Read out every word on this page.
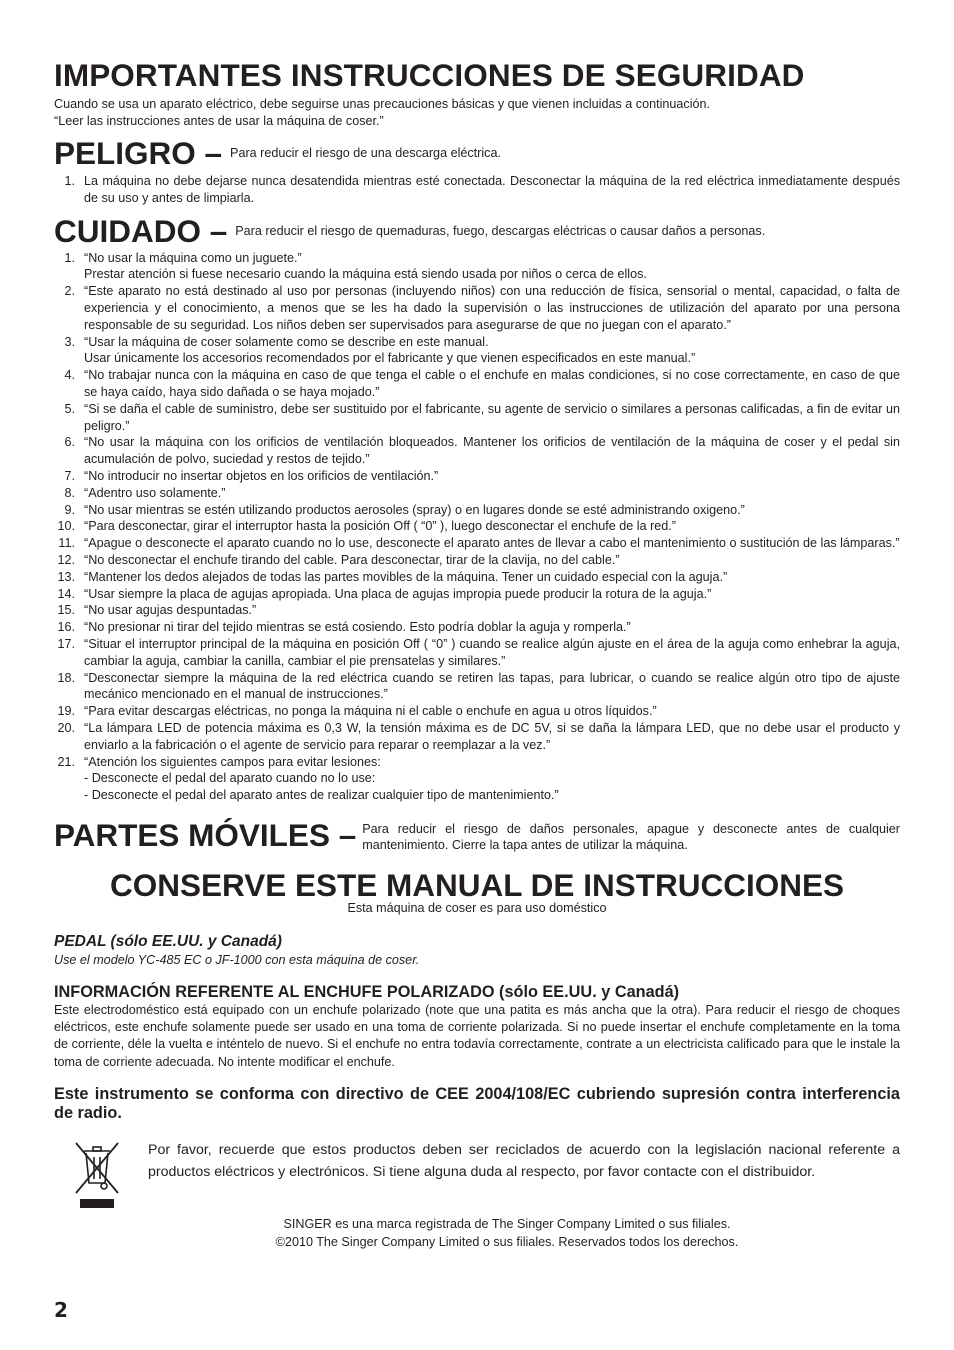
IMPORTANTES INSTRUCCIONES DE SEGURIDAD
Cuando se usa un aparato eléctrico, debe seguirse unas precauciones básicas y que vienen incluidas a continuación.
“Leer las instrucciones antes de usar la máquina de coser.”
PELIGRO – Para reducir el riesgo de una descarga eléctrica.
1. La máquina no debe dejarse nunca desatendida mientras esté conectada. Desconectar la máquina de la red eléctrica inmediatamente después de su uso y antes de limpiarla.
CUIDADO – Para reducir el riesgo de quemaduras, fuego, descargas eléctricas o causar daños a personas.
1. “No usar la máquina como un juguete.”
Prestar atención si fuese necesario cuando la máquina está siendo usada por niños o cerca de ellos.
2. “Este aparato no está destinado al uso por personas (incluyendo niños) con una reducción de física, sensorial o mental, capacidad, o falta de experiencia y el conocimiento, a menos que se les ha dado la supervisión o las instrucciones de utilización del aparato por una persona responsable de su seguridad. Los niños deben ser supervisados para asegurarse de que no juegan con el aparato.”
3. “Usar la máquina de coser solamente como se describe en este manual.
Usar únicamente los accesorios recomendados por el fabricante y que vienen especificados en este manual.”
4. “No trabajar nunca con la máquina en caso de que tenga el cable o el enchufe en malas condiciones, si no cose correctamente, en caso de que se haya caído, haya sido dañada o se haya mojado.”
5. “Si se daña el cable de suministro, debe ser sustituido por el fabricante, su agente de servicio o similares a personas calificadas, a fin de evitar un peligro.”
6. “No usar la máquina con los orificios de ventilación bloqueados. Mantener los orificios de ventilación de la máquina de coser y el pedal sin acumulación de polvo, suciedad y restos de tejido.”
7. “No introducir no insertar objetos en los orificios de ventilación.”
8. “Adentro uso solamente.”
9. “No usar mientras se estén utilizando productos aerosoles (spray) o en lugares donde se esté administrando oxigeno.”
10. “Para desconectar, girar el interruptor hasta la posición Off ( “0” ), luego desconectar el enchufe de la red.”
11. “Apague o desconecte el aparato cuando no lo use, desconecte el aparato antes de llevar a cabo el mantenimiento o sustitución de las lámparas.”
12. “No desconectar el enchufe tirando del cable. Para desconectar, tirar de la clavija, no del cable.”
13. “Mantener los dedos alejados de todas las partes movibles de la máquina. Tener un cuidado especial con la aguja.”
14. “Usar siempre la placa de agujas apropiada. Una placa de agujas impropia puede producir la rotura de la aguja.”
15. “No usar agujas despuntadas.”
16. “No presionar ni tirar del tejido mientras se está cosiendo. Esto podría doblar la aguja y romperla.”
17. “Situar el interruptor principal de la máquina en posición Off ( “0” ) cuando se realice algún ajuste en el área de la aguja como enhebrar la aguja, cambiar la aguja, cambiar la canilla, cambiar el pie prensatelas y similares.”
18. “Desconectar siempre la máquina de la red eléctrica cuando se retiren las tapas, para lubricar, o cuando se realice algún otro tipo de ajuste mecánico mencionado en el manual de instrucciones.”
19. “Para evitar descargas eléctricas, no ponga la máquina ni el cable o enchufe en agua u otros líquidos.”
20. “La lámpara LED de potencia máxima es 0,3 W, la tensión máxima es de DC 5V, si se daña la lámpara LED, que no debe usar el producto y enviarlo a la fabricación o el agente de servicio para reparar o reemplazar a la vez.”
21. “Atención los siguientes campos para evitar lesiones:
- Desconecte el pedal del aparato cuando no lo use:
- Desconecte el pedal del aparato antes de realizar cualquier tipo de mantenimiento.”
PARTES MÓVILES – Para reducir el riesgo de daños personales, apague y desconecte antes de cualquier mantenimiento. Cierre la tapa antes de utilizar la máquina.
CONSERVE ESTE MANUAL DE INSTRUCCIONES
Esta máquina de coser es para uso doméstico
PEDAL (sólo EE.UU. y Canadá)
Use el modelo YC-485 EC o JF-1000 con esta máquina de coser.
INFORMACIÓN REFERENTE AL ENCHUFE POLARIZADO (sólo EE.UU. y Canadá)
Este electrodoméstico está equipado con un enchufe polarizado (note que una patita es más ancha que la otra). Para reducir el riesgo de choques eléctricos, este enchufe solamente puede ser usado en una toma de corriente polarizada. Si no puede insertar el enchufe completamente en la toma de corriente, déle la vuelta e inténtelo de nuevo. Si el enchufe no entra todavía correctamente, contrate a un electricista calificado para que le instale la toma de corriente adecuada. No intente modificar el enchufe.
Este instrumento se conforma con directivo de CEE 2004/108/EC cubriendo supresión contra interferencia de radio.
Por favor, recuerde que estos productos deben ser reciclados de acuerdo con la legislación nacional referente a productos eléctricos y electrónicos. Si tiene alguna duda al respecto, por favor contacte con el distribuidor.
SINGER es una marca registrada de The Singer Company Limited o sus filiales.
©2010 The Singer Company Limited o sus filiales. Reservados todos los derechos.
2
